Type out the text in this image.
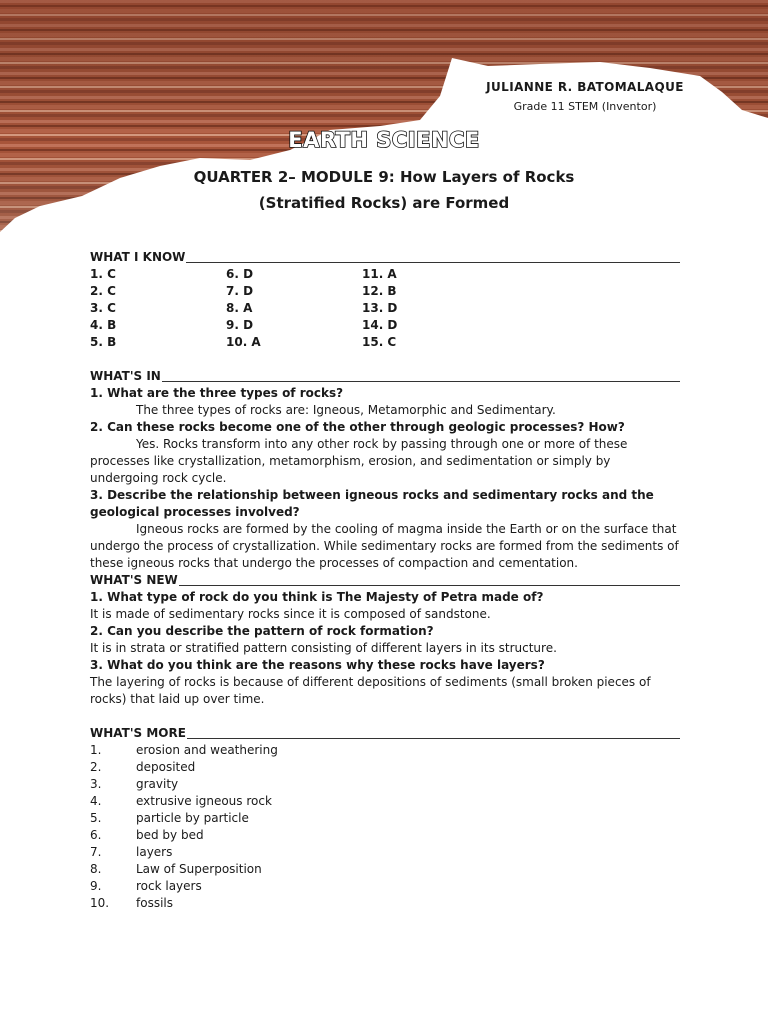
JULIANNE R. BATOMALAQUE
Grade 11 STEM (Inventor)
EARTH SCIENCE
QUARTER 2– MODULE 9: How Layers of Rocks
(Stratified Rocks) are Formed
WHAT I KNOW
1. C	6. D	11. A
2. C	7. D	12. B
3. C	8. A	13. D
4. B	9. D	14. D
5. B	10. A	15. C
WHAT'S IN
1. What are the three types of rocks?
The three types of rocks are: Igneous, Metamorphic and Sedimentary.
2. Can these rocks become one of the other through geologic processes? How?
Yes. Rocks transform into any other rock by passing through one or more of these processes like crystallization, metamorphism, erosion, and sedimentation or simply by undergoing rock cycle.
3. Describe the relationship between igneous rocks and sedimentary rocks and the geological processes involved?
Igneous rocks are formed by the cooling of magma inside the Earth or on the surface that undergo the process of crystallization. While sedimentary rocks are formed from the sediments of these igneous rocks that undergo the processes of compaction and cementation.
WHAT'S NEW
1. What type of rock do you think is The Majesty of Petra made of?
It is made of sedimentary rocks since it is composed of sandstone.
2. Can you describe the pattern of rock formation?
It is in strata or stratified pattern consisting of different layers in its structure.
3. What do you think are the reasons why these rocks have layers?
The layering of rocks is because of different depositions of sediments (small broken pieces of rocks) that laid up over time.
WHAT'S MORE
1.	erosion and weathering
2.	deposited
3.	gravity
4.	extrusive igneous rock
5.	particle by particle
6.	bed by bed
7.	layers
8.	Law of Superposition
9.	rock layers
10.	fossils
